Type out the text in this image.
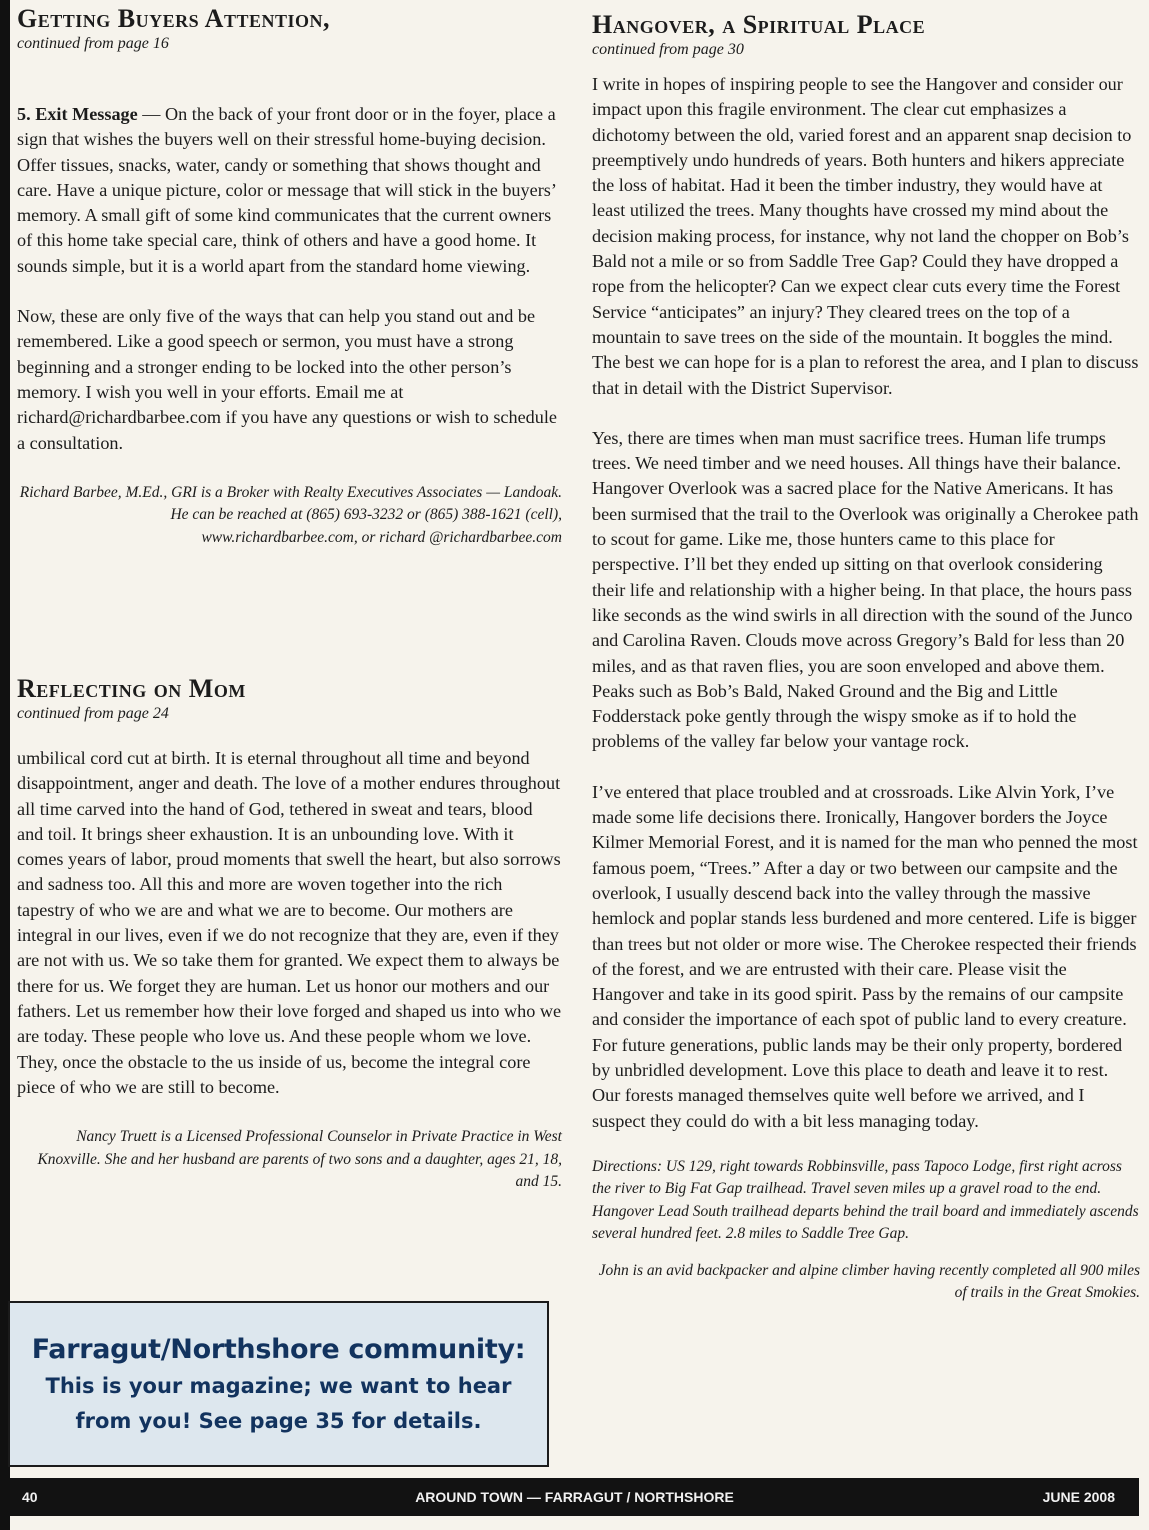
Getting Buyers Attention,

continued from page 16

5. Exit Message — On the back of your front door or in the foyer, place a sign that wishes the buyers well on their stressful home-buying decision. Offer tissues, snacks, water, candy or something that shows thought and care. Have a unique picture, color or message that will stick in the buyers’ memory. A small gift of some kind communicates that the current owners of this home take special care, think of others and have a good home. It sounds simple, but it is a world apart from the standard home viewing.

Now, these are only five of the ways that can help you stand out and be remembered. Like a good speech or sermon, you must have a strong beginning and a stronger ending to be locked into the other person’s memory. I wish you well in your efforts. Email me at richard@richardbarbee.com if you have any questions or wish to schedule a consultation.

Richard Barbee, M.Ed., GRI is a Broker with Realty Executives Associates — Landoak. He can be reached at (865) 693-3232 or (865) 388-1621 (cell), www.richardbarbee.com, or richard @richardbarbee.com

Reflecting on Mom

continued from page 24

umbilical cord cut at birth. It is eternal throughout all time and beyond disappointment, anger and death. The love of a mother endures throughout all time carved into the hand of God, tethered in sweat and tears, blood and toil. It brings sheer exhaustion. It is an unbounding love. With it comes years of labor, proud moments that swell the heart, but also sorrows and sadness too. All this and more are woven together into the rich tapestry of who we are and what we are to become. Our mothers are integral in our lives, even if we do not recognize that they are, even if they are not with us. We so take them for granted. We expect them to always be there for us. We forget they are human. Let us honor our mothers and our fathers. Let us remember how their love forged and shaped us into who we are today. These people who love us. And these people whom we love. They, once the obstacle to the us inside of us, become the integral core piece of who we are still to become.

Nancy Truett is a Licensed Professional Counselor in Private Practice in West Knoxville. She and her husband are parents of two sons and a daughter, ages 21, 18, and 15.

Farragut/Northshore community:
This is your magazine; we want to hear
from you! See page 35 for details.
Hangover, a Spiritual Place

continued from page 30

I write in hopes of inspiring people to see the Hangover and consider our impact upon this fragile environment. The clear cut emphasizes a dichotomy between the old, varied forest and an apparent snap decision to preemptively undo hundreds of years. Both hunters and hikers appreciate the loss of habitat. Had it been the timber industry, they would have at least utilized the trees. Many thoughts have crossed my mind about the decision making process, for instance, why not land the chopper on Bob’s Bald not a mile or so from Saddle Tree Gap? Could they have dropped a rope from the helicopter? Can we expect clear cuts every time the Forest Service “anticipates” an injury? They cleared trees on the top of a mountain to save trees on the side of the mountain. It boggles the mind. The best we can hope for is a plan to reforest the area, and I plan to discuss that in detail with the District Supervisor.

Yes, there are times when man must sacrifice trees. Human life trumps trees. We need timber and we need houses. All things have their balance. Hangover Overlook was a sacred place for the Native Americans. It has been surmised that the trail to the Overlook was originally a Cherokee path to scout for game. Like me, those hunters came to this place for perspective. I’ll bet they ended up sitting on that overlook considering their life and relationship with a higher being. In that place, the hours pass like seconds as the wind swirls in all direction with the sound of the Junco and Carolina Raven. Clouds move across Gregory’s Bald for less than 20 miles, and as that raven flies, you are soon enveloped and above them. Peaks such as Bob’s Bald, Naked Ground and the Big and Little Fodderstack poke gently through the wispy smoke as if to hold the problems of the valley far below your vantage rock.

I’ve entered that place troubled and at crossroads. Like Alvin York, I’ve made some life decisions there. Ironically, Hangover borders the Joyce Kilmer Memorial Forest, and it is named for the man who penned the most famous poem, “Trees.” After a day or two between our campsite and the overlook, I usually descend back into the valley through the massive hemlock and poplar stands less burdened and more centered. Life is bigger than trees but not older or more wise. The Cherokee respected their friends of the forest, and we are entrusted with their care. Please visit the Hangover and take in its good spirit. Pass by the remains of our campsite and consider the importance of each spot of public land to every creature. For future generations, public lands may be their only property, bordered by unbridled development. Love this place to death and leave it to rest. Our forests managed themselves quite well before we arrived, and I suspect they could do with a bit less managing today.

Directions: US 129, right towards Robbinsville, pass Tapoco Lodge, first right across the river to Big Fat Gap trailhead. Travel seven miles up a gravel road to the end. Hangover Lead South trailhead departs behind the trail board and immediately ascends several hundred feet. 2.8 miles to Saddle Tree Gap.

John is an avid backpacker and alpine climber having recently completed all 900 miles of trails in the Great Smokies.

40	AROUND TOWN — FARRAGUT / NORTHSHORE	JUNE 2008
